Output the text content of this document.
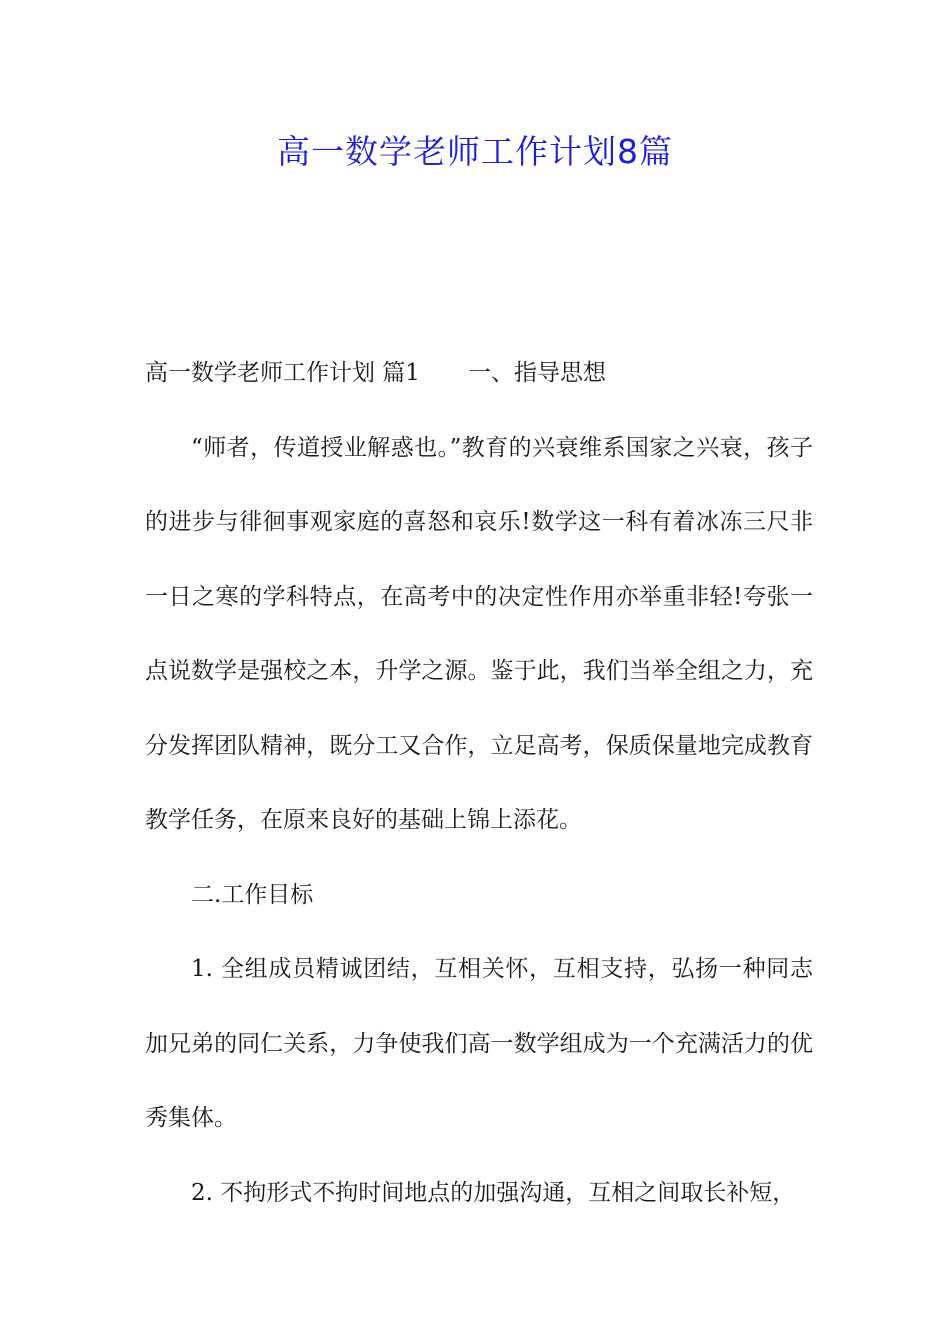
高一数学老师工作计划8篇

高一数学老师工作计划 篇1 一、指导思想

“师者，传道授业解惑也。”教育的兴衰维系国家之兴衰，孩子的进步与徘徊事观家庭的喜怒和哀乐!数学这一科有着冰冻三尺非一日之寒的学科特点，在高考中的决定性作用亦举重非轻!夸张一点说数学是强校之本，升学之源。鉴于此，我们当举全组之力，充分发挥团队精神，既分工又合作，立足高考，保质保量地完成教育教学任务，在原来良好的基础上锦上添花。

二.工作目标

1. 全组成员精诚团结，互相关怀，互相支持，弘扬一种同志加兄弟的同仁关系，力争使我们高一数学组成为一个充满活力的优秀集体。

2. 不拘形式不拘时间地点的加强沟通，互相之间取长补短，
